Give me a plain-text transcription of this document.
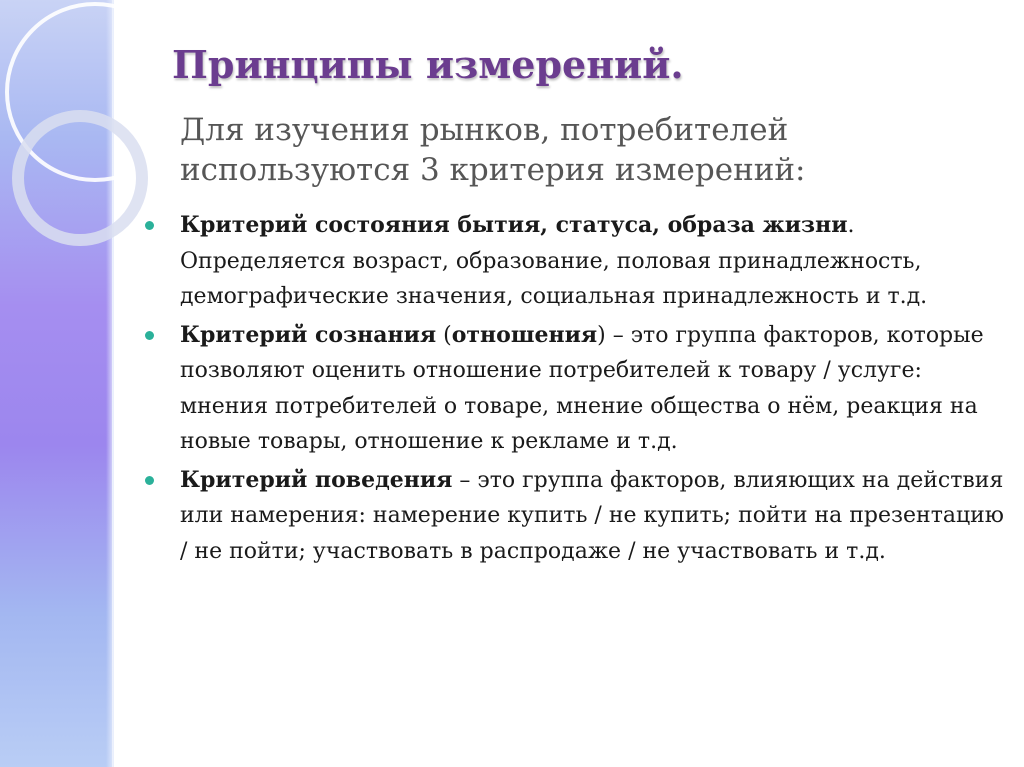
Принципы измерений.

Для изучения рынков, потребителей используются 3 критерия измерений:

Критерий состояния бытия, статуса, образа жизни. Определяется возраст, образование, половая принадлежность, демографические значения, социальная принадлежность и т.д.
Критерий сознания (отношения) – это группа факторов, которые позволяют оценить отношение потребителей к товару / услуге: мнения потребителей о товаре, мнение общества о нём, реакция на новые товары, отношение к рекламе и т.д.
Критерий поведения – это группа факторов, влияющих на действия или намерения: намерение купить / не купить; пойти на презентацию / не пойти; участвовать в распродаже / не участвовать и т.д.
